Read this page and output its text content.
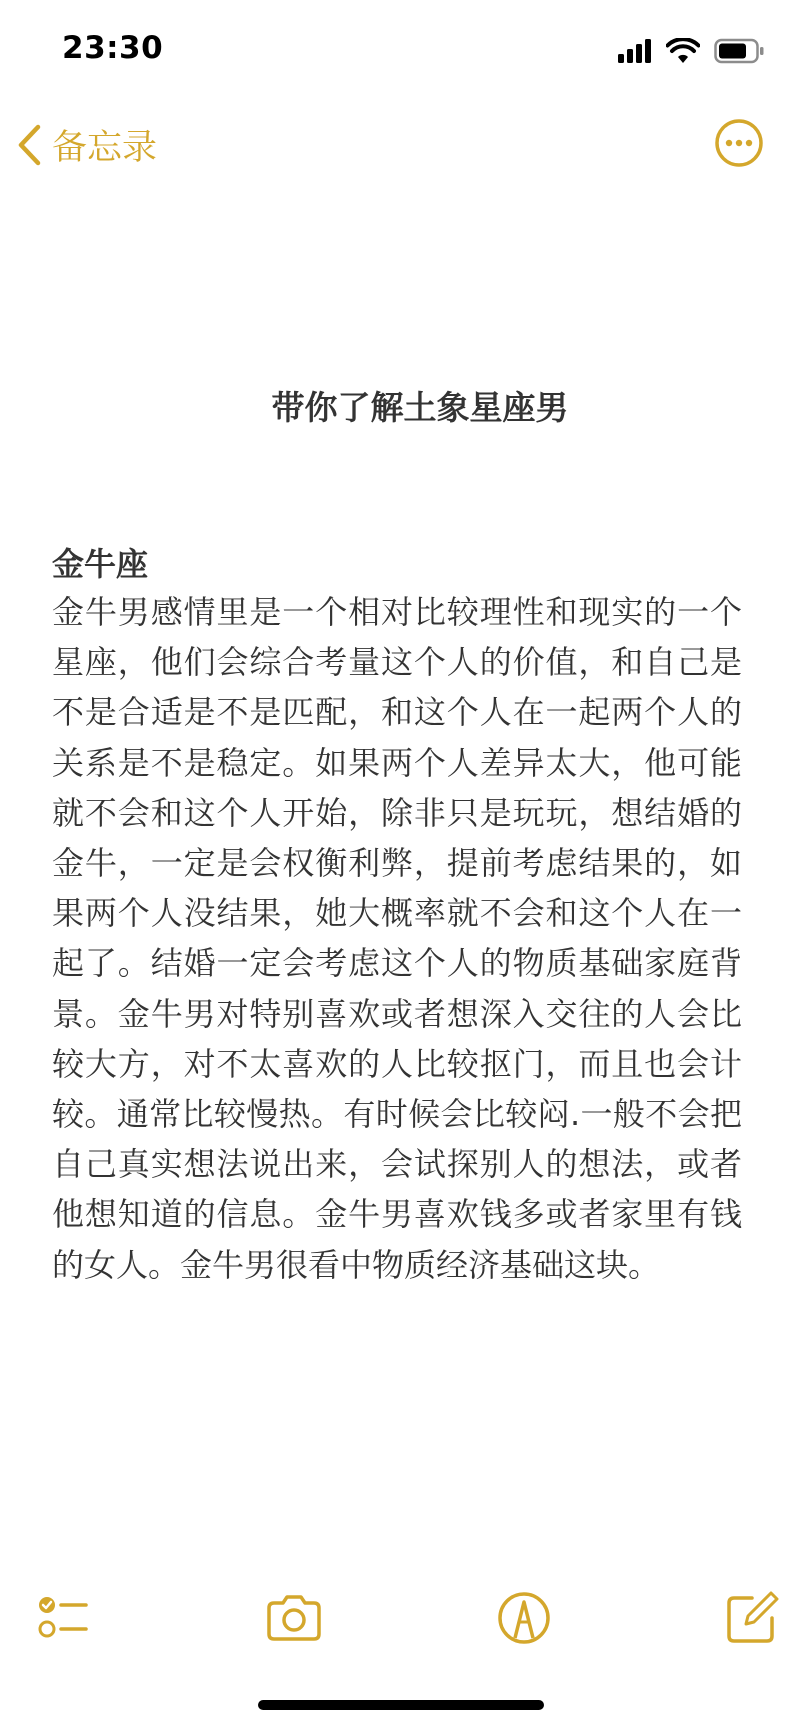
23:30
备忘录
带你了解土象星座男
金牛座

金牛男感情里是一个相对比较理性和现实的一个星座，他们会综合考量这个人的价值，和自己是不是合适是不是匹配，和这个人在一起两个人的关系是不是稳定。如果两个人差异太大，他可能就不会和这个人开始，除非只是玩玩，想结婚的金牛，一定是会权衡利弊，提前考虑结果的，如果两个人没结果，她大概率就不会和这个人在一起了。结婚一定会考虑这个人的物质基础家庭背景。金牛男对特别喜欢或者想深入交往的人会比较大方，对不太喜欢的人比较抠门，而且也会计较。通常比较慢热。有时候会比较闷.一般不会把自己真实想法说出来，会试探别人的想法，或者他想知道的信息。金牛男喜欢钱多或者家里有钱的女人。金牛男很看中物质经济基础这块。
